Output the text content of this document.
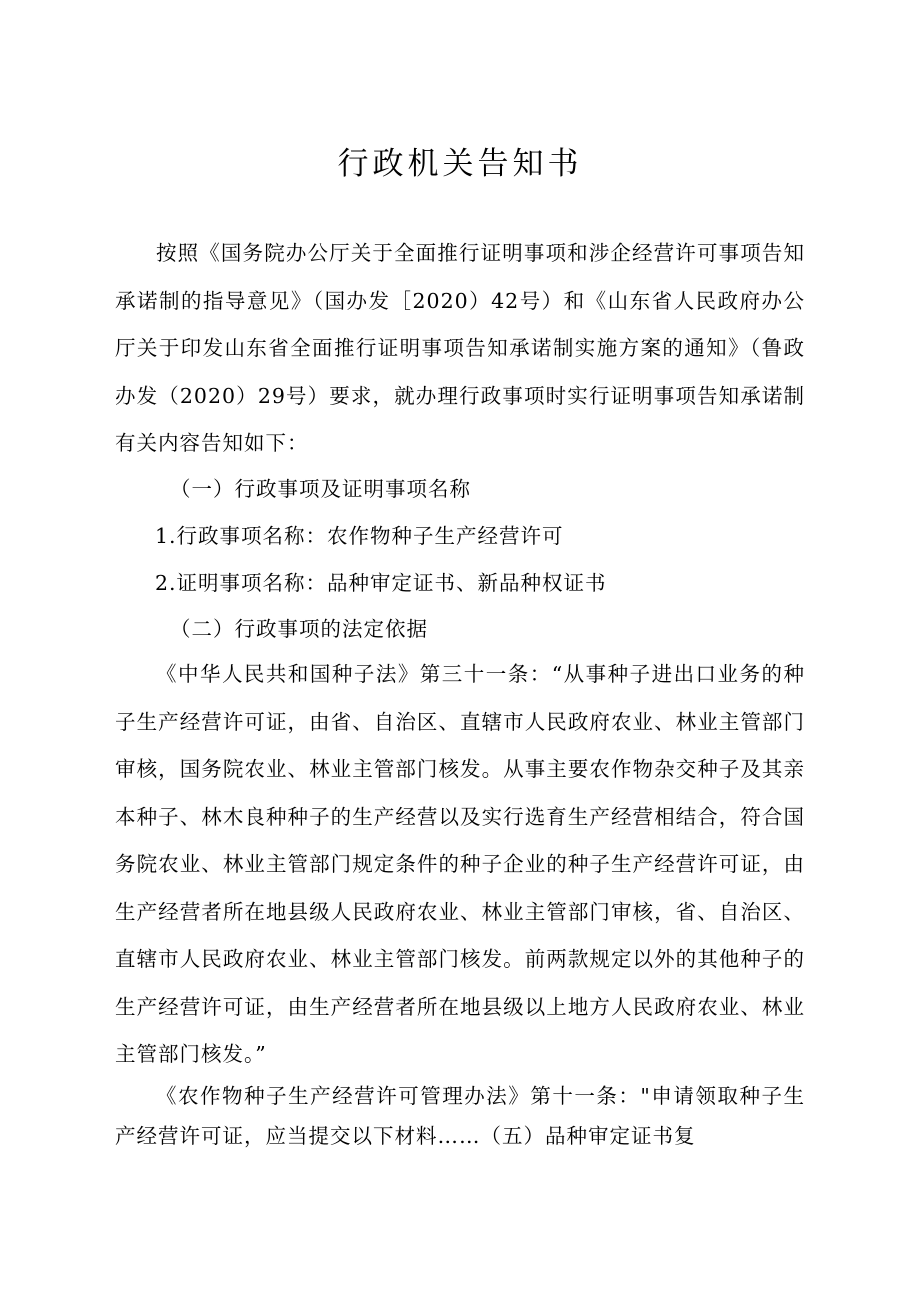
行政机关告知书

按照《国务院办公厅关于全面推行证明事项和涉企经营许可事项告知承诺制的指导意见》（国办发［2020）42号）和《山东省人民政府办公厅关于印发山东省全面推行证明事项告知承诺制实施方案的通知》（鲁政办发（2020）29号）要求，就办理行政事项时实行证明事项告知承诺制有关内容告知如下：

（一）行政事项及证明事项名称

1.行政事项名称：农作物种子生产经营许可

2.证明事项名称：品种审定证书、新品种权证书

（二）行政事项的法定依据

《中华人民共和国种子法》第三十一条：“从事种子进出口业务的种子生产经营许可证，由省、自治区、直辖市人民政府农业、林业主管部门审核，国务院农业、林业主管部门核发。从事主要农作物杂交种子及其亲本种子、林木良种种子的生产经营以及实行选育生产经营相结合，符合国务院农业、林业主管部门规定条件的种子企业的种子生产经营许可证，由生产经营者所在地县级人民政府农业、林业主管部门审核，省、自治区、直辖市人民政府农业、林业主管部门核发。前两款规定以外的其他种子的生产经营许可证，由生产经营者所在地县级以上地方人民政府农业、林业主管部门核发。”

《农作物种子生产经营许可管理办法》第十一条："申请领取种子生产经营许可证，应当提交以下材料……（五）品种审定证书复
